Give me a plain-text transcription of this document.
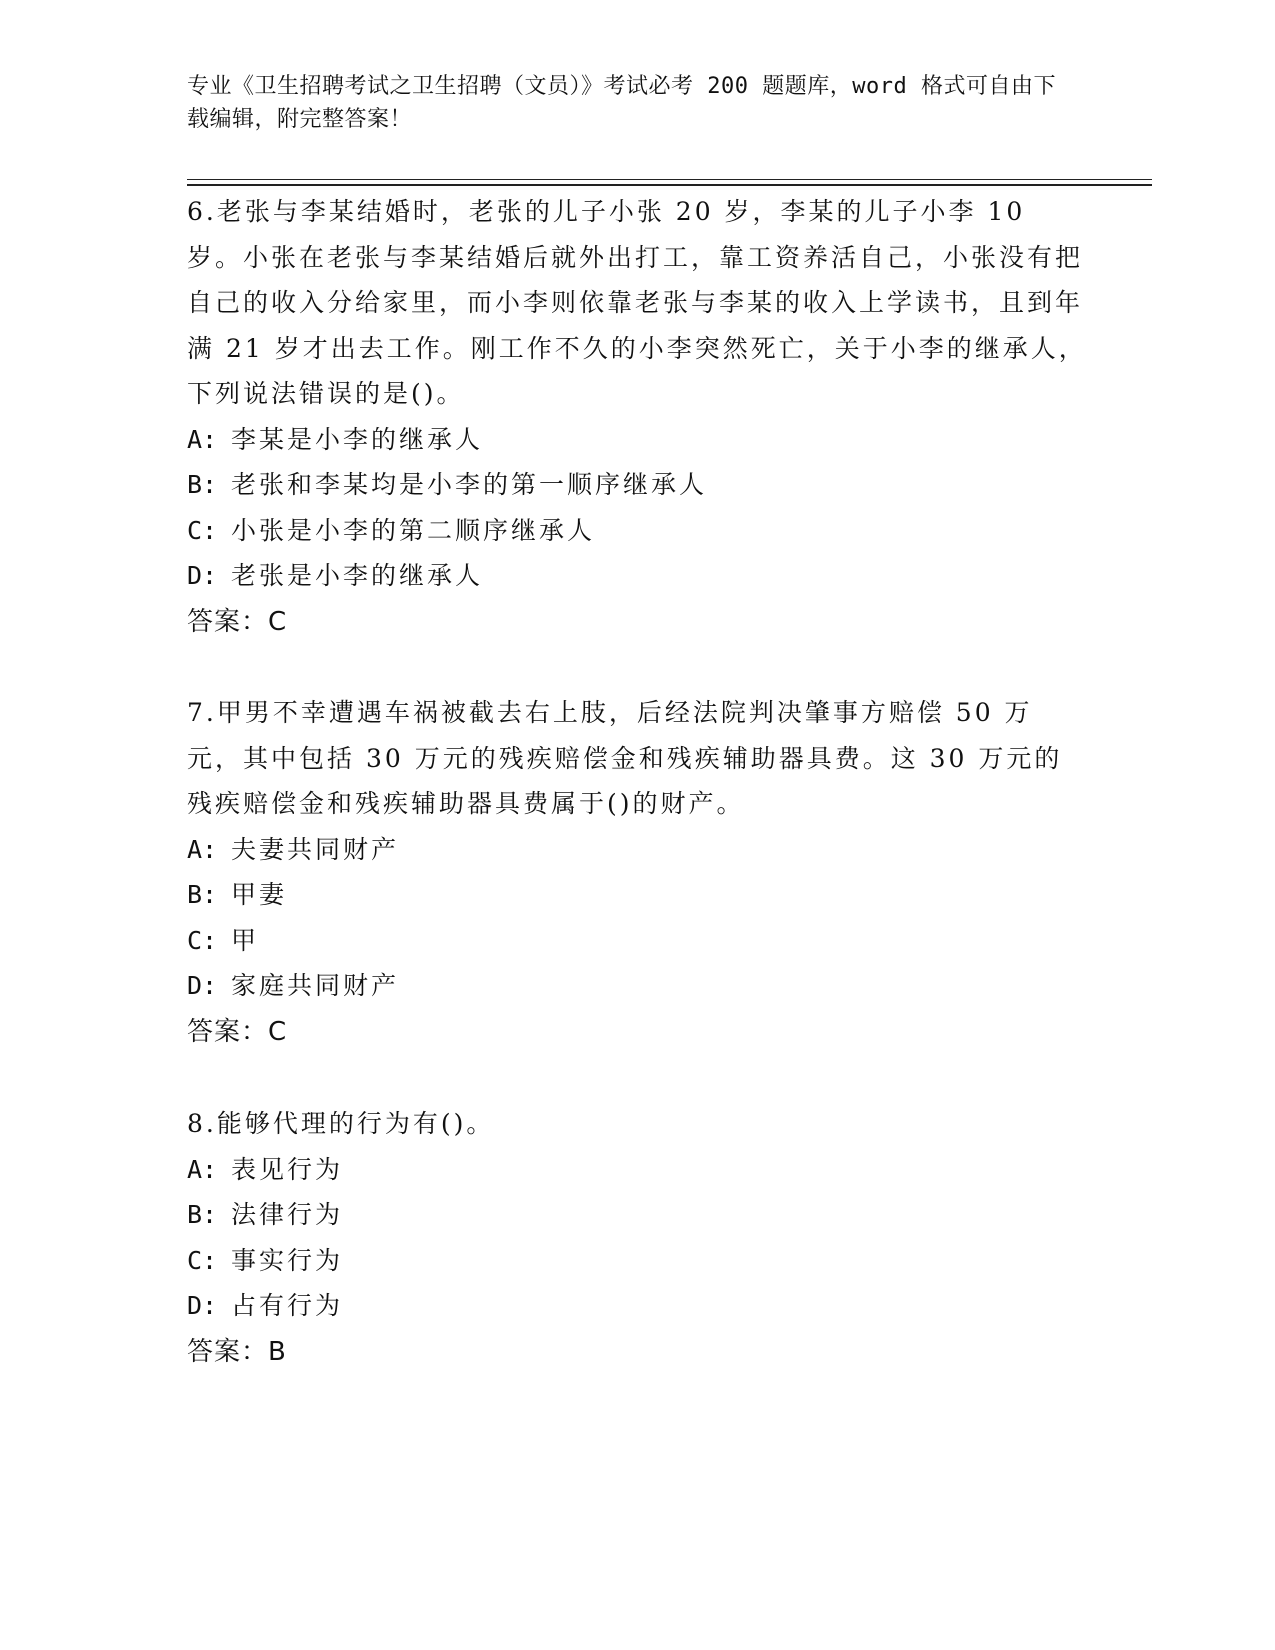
专业《卫生招聘考试之卫生招聘（文员）》考试必考 200 题题库，word 格式可自由下载编辑，附完整答案！

6.老张与李某结婚时，老张的儿子小张 20 岁，李某的儿子小李 10 岁。小张在老张与李某结婚后就外出打工，靠工资养活自己，小张没有把自己的收入分给家里，而小李则依靠老张与李某的收入上学读书，且到年满 21 岁才出去工作。刚工作不久的小李突然死亡，关于小李的继承人，下列说法错误的是()。

A: 李某是小李的继承人

B: 老张和李某均是小李的第一顺序继承人

C: 小张是小李的第二顺序继承人

D: 老张是小李的继承人

答案：C

7.甲男不幸遭遇车祸被截去右上肢，后经法院判决肇事方赔偿 50 万元，其中包括 30 万元的残疾赔偿金和残疾辅助器具费。这 30 万元的残疾赔偿金和残疾辅助器具费属于()的财产。

A: 夫妻共同财产

B: 甲妻

C: 甲

D: 家庭共同财产

答案：C

8.能够代理的行为有()。

A: 表见行为

B: 法律行为

C: 事实行为

D: 占有行为

答案：B
